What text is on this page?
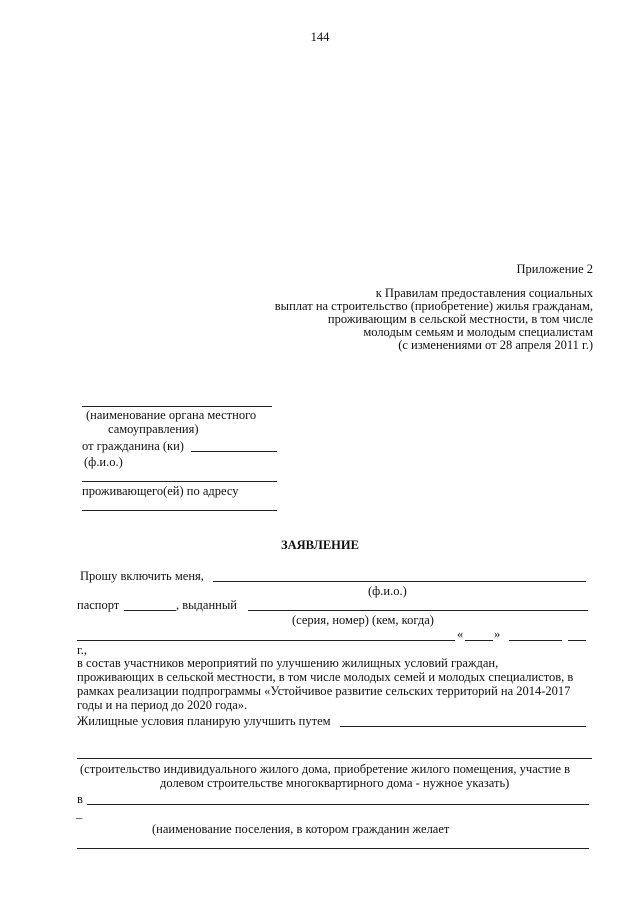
144
Приложение 2
к Правилам предоставления социальных
выплат на строительство (приобретение) жилья гражданам,
проживающим в сельской местности, в том числе
молодым семьям и молодым специалистам
(с изменениями от 28 апреля 2011 г.)
(наименование органа местного
самоуправления)
от гражданина (ки)
(ф.и.о.)
проживающего(ей) по адресу
ЗАЯВЛЕНИЕ
Прошу включить меня,
(ф.и.о.)
паспорт	, выданный
(серия, номер) (кем, когда)
« »
г.,
в состав участников мероприятий по улучшению жилищных условий граждан,
проживающих в сельской местности, в том числе молодых семей и молодых специалистов, в
рамках реализации подпрограммы «Устойчивое развитие сельских территорий на 2014-2017
годы и на период до 2020 года».
Жилищные условия планирую улучшить путем
(строительство индивидуального жилого дома, приобретение жилого помещения, участие в
долевом строительстве многоквартирного дома - нужное указать)
в
_
(наименование поселения, в котором гражданин желает
